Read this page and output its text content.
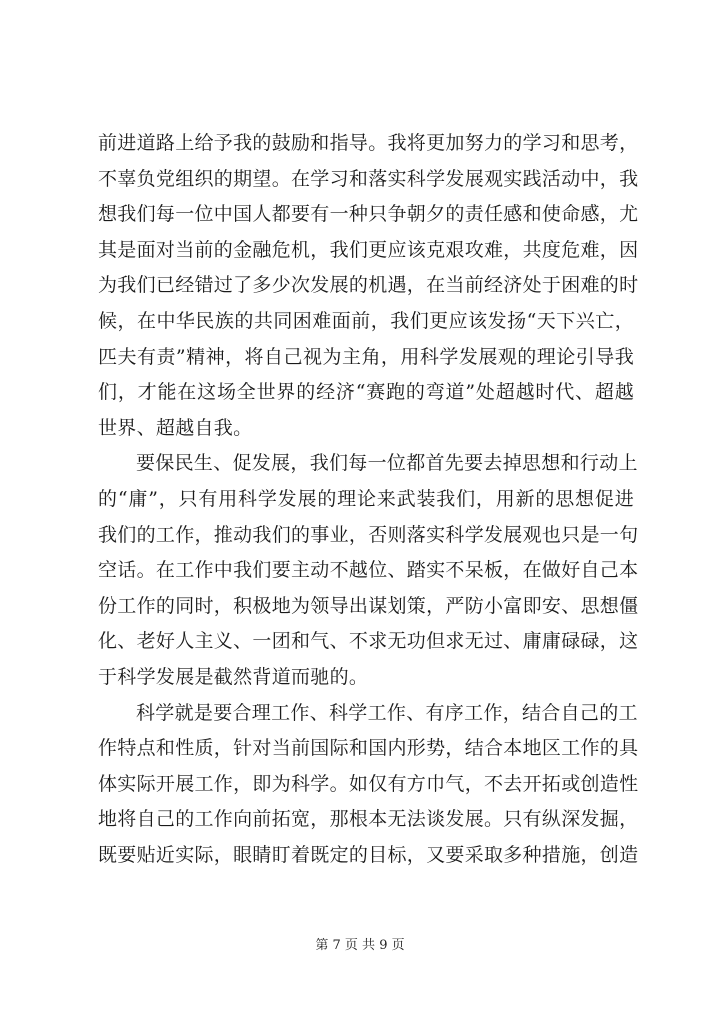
前进道路上给予我的鼓励和指导。我将更加努力的学习和思考，
不辜负党组织的期望。在学习和落实科学发展观实践活动中，我
想我们每一位中国人都要有一种只争朝夕的责任感和使命感，尤
其是面对当前的金融危机，我们更应该克艰攻难，共度危难，因
为我们已经错过了多少次发展的机遇，在当前经济处于困难的时
候，在中华民族的共同困难面前，我们更应该发扬“天下兴亡，
匹夫有责”精神，将自己视为主角，用科学发展观的理论引导我
们，才能在这场全世界的经济“赛跑的弯道”处超越时代、超越
世界、超越自我。
要保民生、促发展，我们每一位都首先要去掉思想和行动上
的“庸”，只有用科学发展的理论来武装我们，用新的思想促进
我们的工作，推动我们的事业，否则落实科学发展观也只是一句
空话。在工作中我们要主动不越位、踏实不呆板，在做好自己本
份工作的同时，积极地为领导出谋划策，严防小富即安、思想僵
化、老好人主义、一团和气、不求无功但求无过、庸庸碌碌，这
于科学发展是截然背道而驰的。
科学就是要合理工作、科学工作、有序工作，结合自己的工
作特点和性质，针对当前国际和国内形势，结合本地区工作的具
体实际开展工作，即为科学。如仅有方巾气，不去开拓或创造性
地将自己的工作向前拓宽，那根本无法谈发展。只有纵深发掘，
既要贴近实际，眼睛盯着既定的目标，又要采取多种措施，创造
第 7 页 共 9 页
